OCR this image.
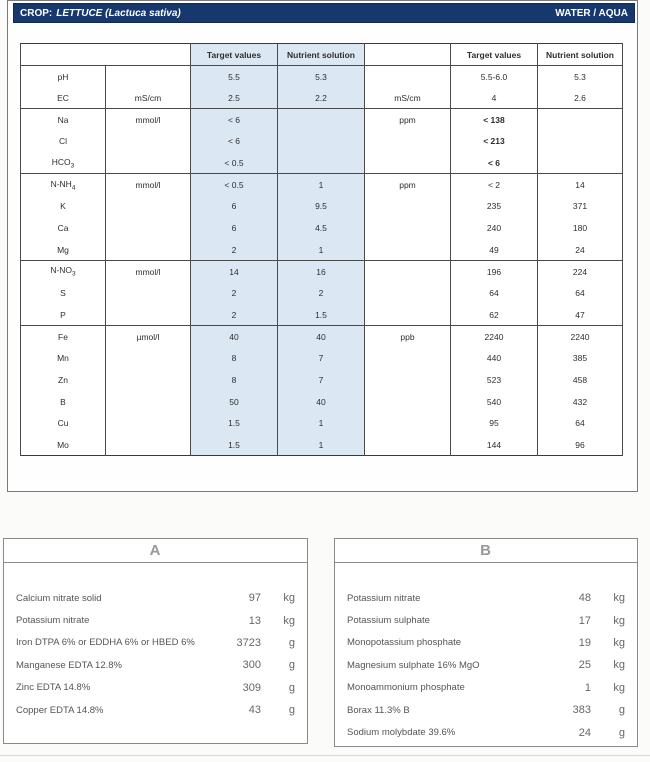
CROP: LETTUCE (Lactuca sativa)	WATER / AQUA
		Target values	Nutrient solution		Target values	Nutrient solution
pH		5.5	5.3		5.5-6.0	5.3
EC	mS/cm	2.5	2.2	mS/cm	4	2.6
Na	mmol/l	< 6		ppm	< 138	
Cl		< 6			< 213	
$HCO_3$		< 0.5			< 6	
$N-NH_4$	mmol/l	< 0.5	1	ppm	< 2	14
K		6	9.5		235	371
Ca		6	4.5		240	180
Mg		2	1		49	24
$N-NO_3$	mmol/l	14	16		196	224
S		2	2		64	64
P		2	1.5		62	47
Fe	µmol/l	40	40	ppb	2240	2240
Mn		8	7		440	385
Zn		8	7		523	458
B		50	40		540	432
Cu		1.5	1		95	64
Mo		1.5	1		144	96
A
Calcium nitrate solid	97	kg
Potassium nitrate	13	kg
Iron DTPA 6% or EDDHA 6% or HBED 6%	3723	g
Manganese EDTA 12.8%	300	g
Zinc EDTA 14.8%	309	g
Copper EDTA 14.8%	43	g
B
Potassium nitrate	48	kg
Potassium sulphate	17	kg
Monopotassium phosphate	19	kg
Magnesium sulphate 16% MgO	25	kg
Monoammonium phosphate	1	kg
Borax 11.3% B	383	g
Sodium molybdate 39.6%	24	g
